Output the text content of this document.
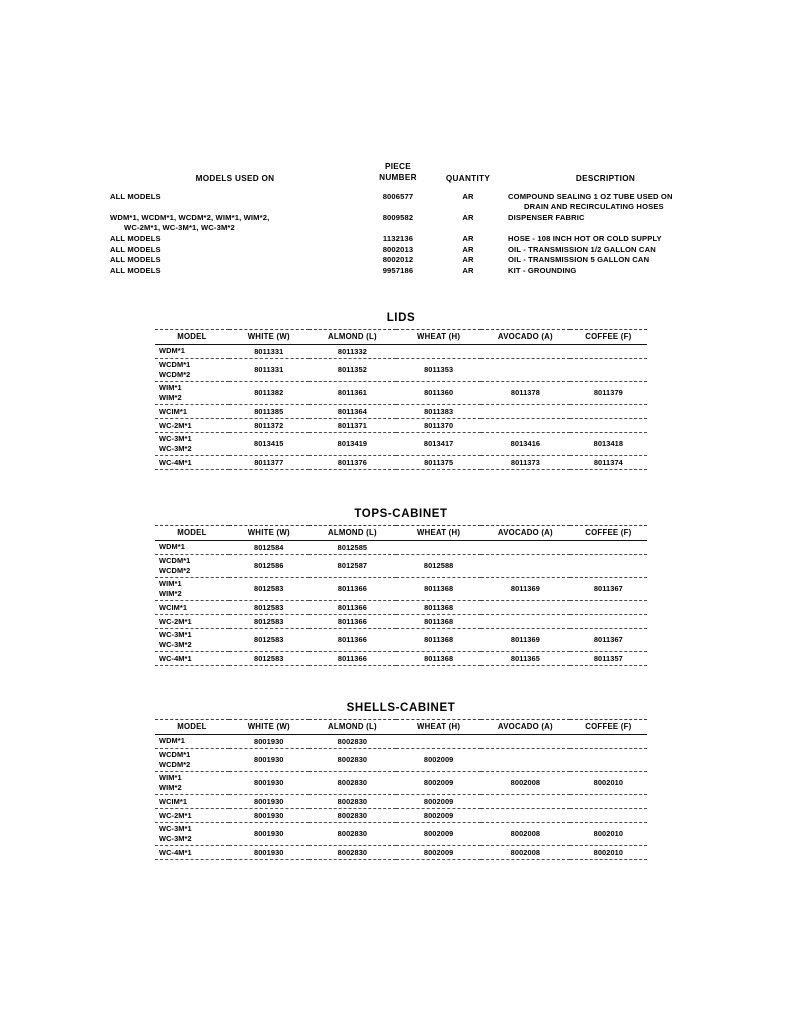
MODELS USED ON
PIECE
NUMBER	QUANTITY	DESCRIPTION
ALL MODELS	8006577	AR	COMPOUND SEALING 1 OZ TUBE USED ON
DRAIN AND RECIRCULATING HOSES
WDM*1, WCDM*1, WCDM*2, WIM*1, WIM*2,
WC-2M*1, WC-3M*1, WC-3M*2
8009582	AR	DISPENSER FABRIC
ALL MODELS	1132136	AR	HOSE - 108 INCH HOT OR COLD SUPPLY
ALL MODELS	8002013	AR	OIL - TRANSMISSION 1/2 GALLON CAN
ALL MODELS	8002012	AR	OIL - TRANSMISSION 5 GALLON CAN
ALL MODELS	9957186	AR	KIT - GROUNDING
LIDS
MODEL	WHITE (W)	ALMOND (L)	WHEAT (H)	AVOCADO (A)	COFFEE (F)

WDM*1	8011331	8011332			

WCDM*1
WCDM*2	8011331	8011352	8011353		

WIM*1
WIM*2	8011382	8011361	8011360	8011378	8011379

WCIM*1	8011385	8011364	8011383		

WC-2M*1	8011372	8011371	8011370		

WC-3M*1
WC-3M*2	8013415	8013419	8013417	8013416	8013418

WC-4M*1	8011377	8011376	8011375	8011373	8011374
TOPS-CABINET
MODEL	WHITE (W)	ALMOND (L)	WHEAT (H)	AVOCADO (A)	COFFEE (F)

WDM*1	8012584	8012585			

WCDM*1
WCDM*2	8012586	8012587	8012588		

WIM*1
WIM*2	8012583	8011366	8011368	8011369	8011367

WCIM*1	8012583	8011366	8011368		

WC-2M*1	8012583	8011366	8011368		

WC-3M*1
WC-3M*2	8012583	8011366	8011368	8011369	8011367

WC-4M*1	8012583	8011366	8011368	8011365	8011357
SHELLS-CABINET
MODEL	WHITE (W)	ALMOND (L)	WHEAT (H)	AVOCADO (A)	COFFEE (F)

WDM*1	8001930	8002830			

WCDM*1
WCDM*2	8001930	8002830	8002009		

WIM*1
WIM*2	8001930	8002830	8002009	8002008	8002010

WCIM*1	8001930	8002830	8002009		

WC-2M*1	8001930	8002830	8002009		

WC-3M*1
WC-3M*2	8001930	8002830	8002009	8002008	8002010

WC-4M*1	8001930	8002830	8002009	8002008	8002010
